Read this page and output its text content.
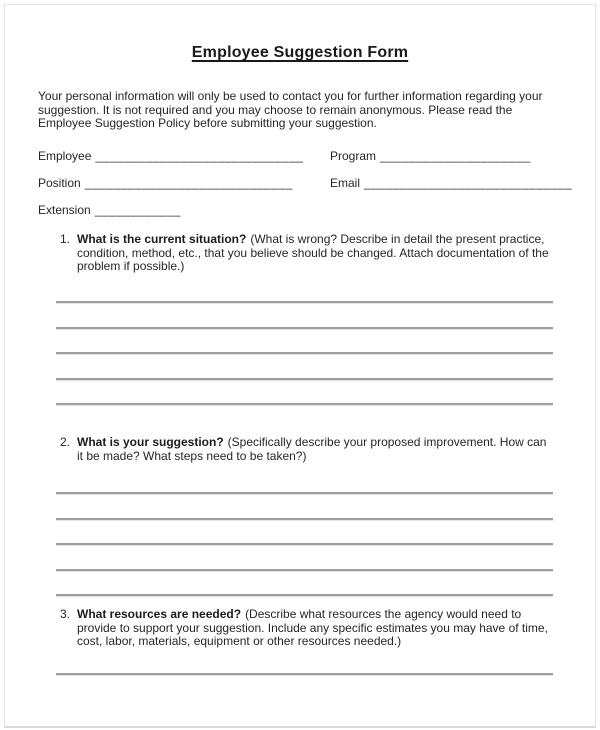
Employee Suggestion Form
Your personal information will only be used to contact you for further information regarding your suggestion. It is not required and you may choose to remain anonymous. Please read the Employee Suggestion Policy before submitting your suggestion.
Employee _____________________________ Program _____________________
Position _____________________________	Email _____________________________
Extension ____________
1. What is the current situation? (What is wrong? Describe in detail the present practice, condition, method, etc., that you believe should be changed. Attach documentation of the problem if possible.)
2. What is your suggestion? (Specifically describe your proposed improvement. How can it be made? What steps need to be taken?)
3. What resources are needed? (Describe what resources the agency would need to provide to support your suggestion. Include any specific estimates you may have of time, cost, labor, materials, equipment or other resources needed.)
